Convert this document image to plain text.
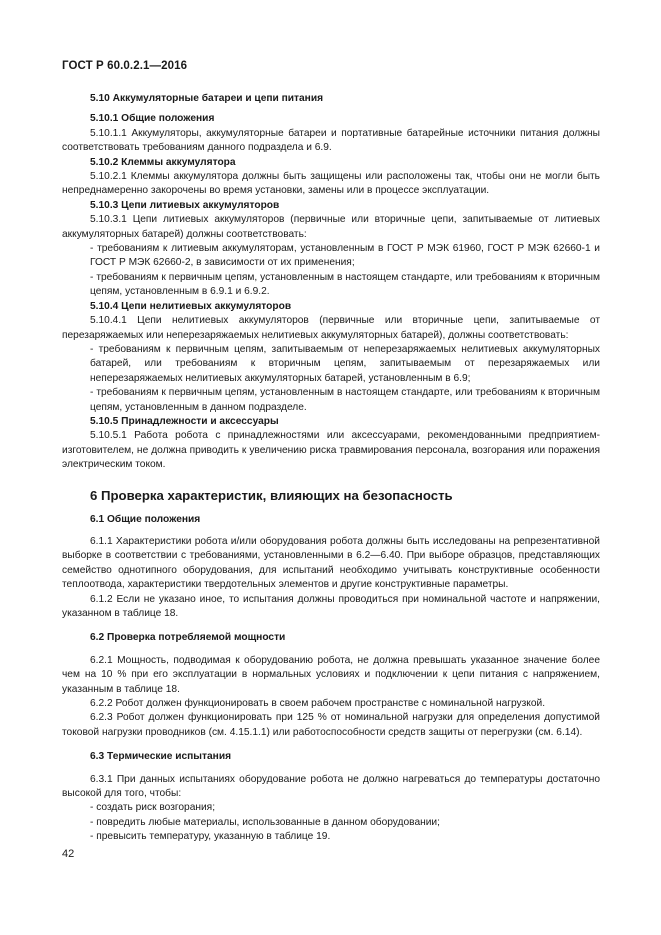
ГОСТ Р 60.0.2.1—2016

5.10 Аккумуляторные батареи и цепи питания

5.10.1 Общие положения

5.10.1.1 Аккумуляторы, аккумуляторные батареи и портативные батарейные источники питания должны соответствовать требованиям данного подраздела и 6.9.

5.10.2 Клеммы аккумулятора

5.10.2.1 Клеммы аккумулятора должны быть защищены или расположены так, чтобы они не могли быть непреднамеренно закорочены во время установки, замены или в процессе эксплуатации.

5.10.3 Цепи литиевых аккумуляторов

5.10.3.1 Цепи литиевых аккумуляторов (первичные или вторичные цепи, запитываемые от литиевых аккумуляторных батарей) должны соответствовать:

- требованиям к литиевым аккумуляторам, установленным в ГОСТ Р МЭК 61960, ГОСТ Р МЭК 62660-1 и ГОСТ Р МЭК 62660-2, в зависимости от их применения;

- требованиям к первичным цепям, установленным в настоящем стандарте, или требованиям к вторичным цепям, установленным в 6.9.1 и 6.9.2.

5.10.4 Цепи нелитиевых аккумуляторов

5.10.4.1 Цепи нелитиевых аккумуляторов (первичные или вторичные цепи, запитываемые от перезаряжаемых или неперезаряжаемых нелитиевых аккумуляторных батарей), должны соответствовать:

- требованиям к первичным цепям, запитываемым от неперезаряжаемых нелитиевых аккумуляторных батарей, или требованиям к вторичным цепям, запитываемым от перезаряжаемых или неперезаряжаемых нелитиевых аккумуляторных батарей, установленным в 6.9;

- требованиям к первичным цепям, установленным в настоящем стандарте, или требованиям к вторичным цепям, установленным в данном подразделе.

5.10.5 Принадлежности и аксессуары

5.10.5.1 Работа робота с принадлежностями или аксессуарами, рекомендованными предприятием-изготовителем, не должна приводить к увеличению риска травмирования персонала, возгорания или поражения электрическим током.

6 Проверка характеристик, влияющих на безопасность

6.1 Общие положения

6.1.1 Характеристики робота и/или оборудования робота должны быть исследованы на репрезентативной выборке в соответствии с требованиями, установленными в 6.2—6.40. При выборе образцов, представляющих семейство однотипного оборудования, для испытаний необходимо учитывать конструктивные особенности теплоотвода, характеристики твердотельных элементов и другие конструктивные параметры.

6.1.2 Если не указано иное, то испытания должны проводиться при номинальной частоте и напряжении, указанном в таблице 18.

6.2 Проверка потребляемой мощности

6.2.1 Мощность, подводимая к оборудованию робота, не должна превышать указанное значение более чем на 10 % при его эксплуатации в нормальных условиях и подключении к цепи питания с напряжением, указанным в таблице 18.

6.2.2 Робот должен функционировать в своем рабочем пространстве с номинальной нагрузкой.

6.2.3 Робот должен функционировать при 125 % от номинальной нагрузки для определения допустимой токовой нагрузки проводников (см. 4.15.1.1) или работоспособности средств защиты от перегрузки (см. 6.14).

6.3 Термические испытания

6.3.1 При данных испытаниях оборудование робота не должно нагреваться до температуры достаточно высокой для того, чтобы:

- создать риск возгорания;

- повредить любые материалы, использованные в данном оборудовании;

- превысить температуру, указанную в таблице 19.

42
